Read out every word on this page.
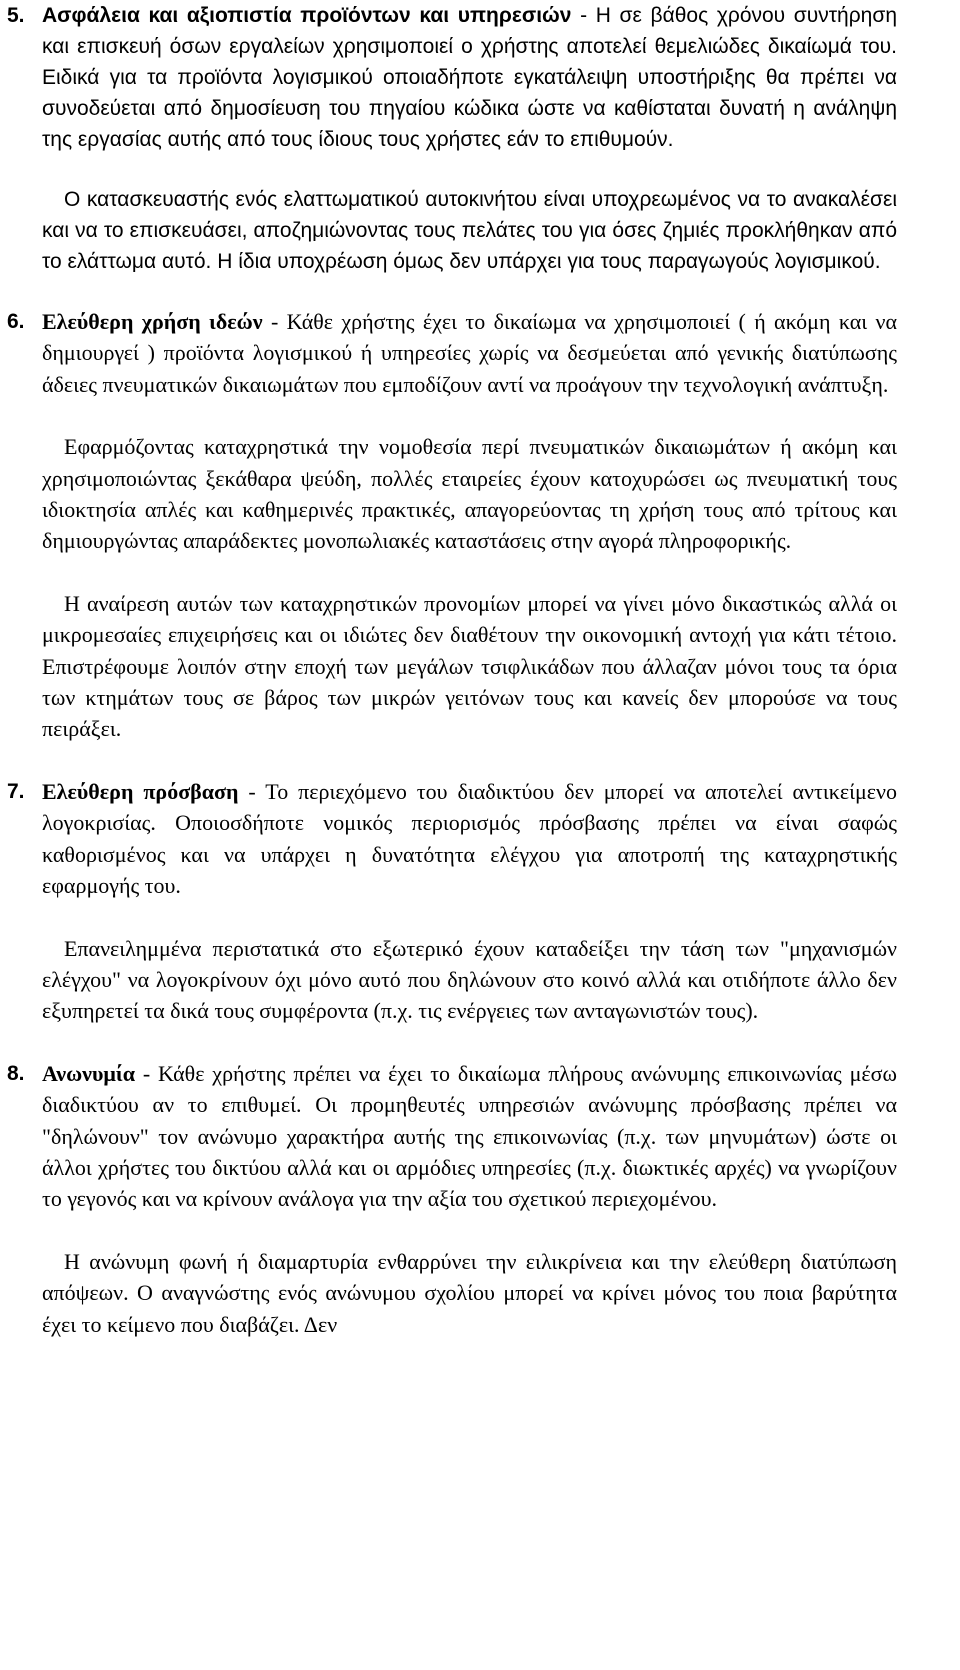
5. Ασφάλεια και αξιοπιστία προϊόντων και υπηρεσιών - Η σε βάθος χρόνου συντήρηση και επισκευή όσων εργαλείων χρησιμοποιεί ο χρήστης αποτελεί θεμελιώδες δικαίωμά του. Ειδικά για τα προϊόντα λογισμικού οποιαδήποτε εγκατάλειψη υποστήριξης θα πρέπει να συνοδεύεται από δημοσίευση του πηγαίου κώδικα ώστε να καθίσταται δυνατή η ανάληψη της εργασίας αυτής από τους ίδιους τους χρήστες εάν το επιθυμούν.

Ο κατασκευαστής ενός ελαττωματικού αυτοκινήτου είναι υποχρεωμένος να το ανακαλέσει και να το επισκευάσει, αποζημιώνοντας τους πελάτες του για όσες ζημιές προκλήθηκαν από το ελάττωμα αυτό. Η ίδια υποχρέωση όμως δεν υπάρχει για τους παραγωγούς λογισμικού.

6. Ελεύθερη χρήση ιδεών - Κάθε χρήστης έχει το δικαίωμα να χρησιμοποιεί ( ή ακόμη και να δημιουργεί ) προϊόντα λογισμικού ή υπηρεσίες χωρίς να δεσμεύεται από γενικής διατύπωσης άδειες πνευματικών δικαιωμάτων που εμποδίζουν αντί να προάγουν την τεχνολογική ανάπτυξη.

Εφαρμόζοντας καταχρηστικά την νομοθεσία περί πνευματικών δικαιωμάτων ή ακόμη και χρησιμοποιώντας ξεκάθαρα ψεύδη, πολλές εταιρείες έχουν κατοχυρώσει ως πνευματική τους ιδιοκτησία απλές και καθημερινές πρακτικές, απαγορεύοντας τη χρήση τους από τρίτους και δημιουργώντας απαράδεκτες μονοπωλιακές καταστάσεις στην αγορά πληροφορικής.

Η αναίρεση αυτών των καταχρηστικών προνομίων μπορεί να γίνει μόνο δικαστικώς αλλά οι μικρομεσαίες επιχειρήσεις και οι ιδιώτες δεν διαθέτουν την οικονομική αντοχή για κάτι τέτοιο. Επιστρέφουμε λοιπόν στην εποχή των μεγάλων τσιφλικάδων που άλλαζαν μόνοι τους τα όρια των κτημάτων τους σε βάρος των μικρών γειτόνων τους και κανείς δεν μπορούσε να τους πειράξει.

7. Ελεύθερη πρόσβαση - Το περιεχόμενο του διαδικτύου δεν μπορεί να αποτελεί αντικείμενο λογοκρισίας. Οποιοσδήποτε νομικός περιορισμός πρόσβασης πρέπει να είναι σαφώς καθορισμένος και να υπάρχει η δυνατότητα ελέγχου για αποτροπή της καταχρηστικής εφαρμογής του.

Επανειλημμένα περιστατικά στο εξωτερικό έχουν καταδείξει την τάση των "μηχανισμών ελέγχου" να λογοκρίνουν όχι μόνο αυτό που δηλώνουν στο κοινό αλλά και οτιδήποτε άλλο δεν εξυπηρετεί τα δικά τους συμφέροντα (π.χ. τις ενέργειες των ανταγωνιστών τους).

8. Ανωνυμία - Κάθε χρήστης πρέπει να έχει το δικαίωμα πλήρους ανώνυμης επικοινωνίας μέσω διαδικτύου αν το επιθυμεί. Οι προμηθευτές υπηρεσιών ανώνυμης πρόσβασης πρέπει να "δηλώνουν" τον ανώνυμο χαρακτήρα αυτής της επικοινωνίας (π.χ. των μηνυμάτων) ώστε οι άλλοι χρήστες του δικτύου αλλά και οι αρμόδιες υπηρεσίες (π.χ. διωκτικές αρχές) να γνωρίζουν το γεγονός και να κρίνουν ανάλογα για την αξία του σχετικού περιεχομένου.

Η ανώνυμη φωνή ή διαμαρτυρία ενθαρρύνει την ειλικρίνεια και την ελεύθερη διατύπωση απόψεων. Ο αναγνώστης ενός ανώνυμου σχολίου μπορεί να κρίνει μόνος του ποια βαρύτητα έχει το κείμενο που διαβάζει. Δεν
